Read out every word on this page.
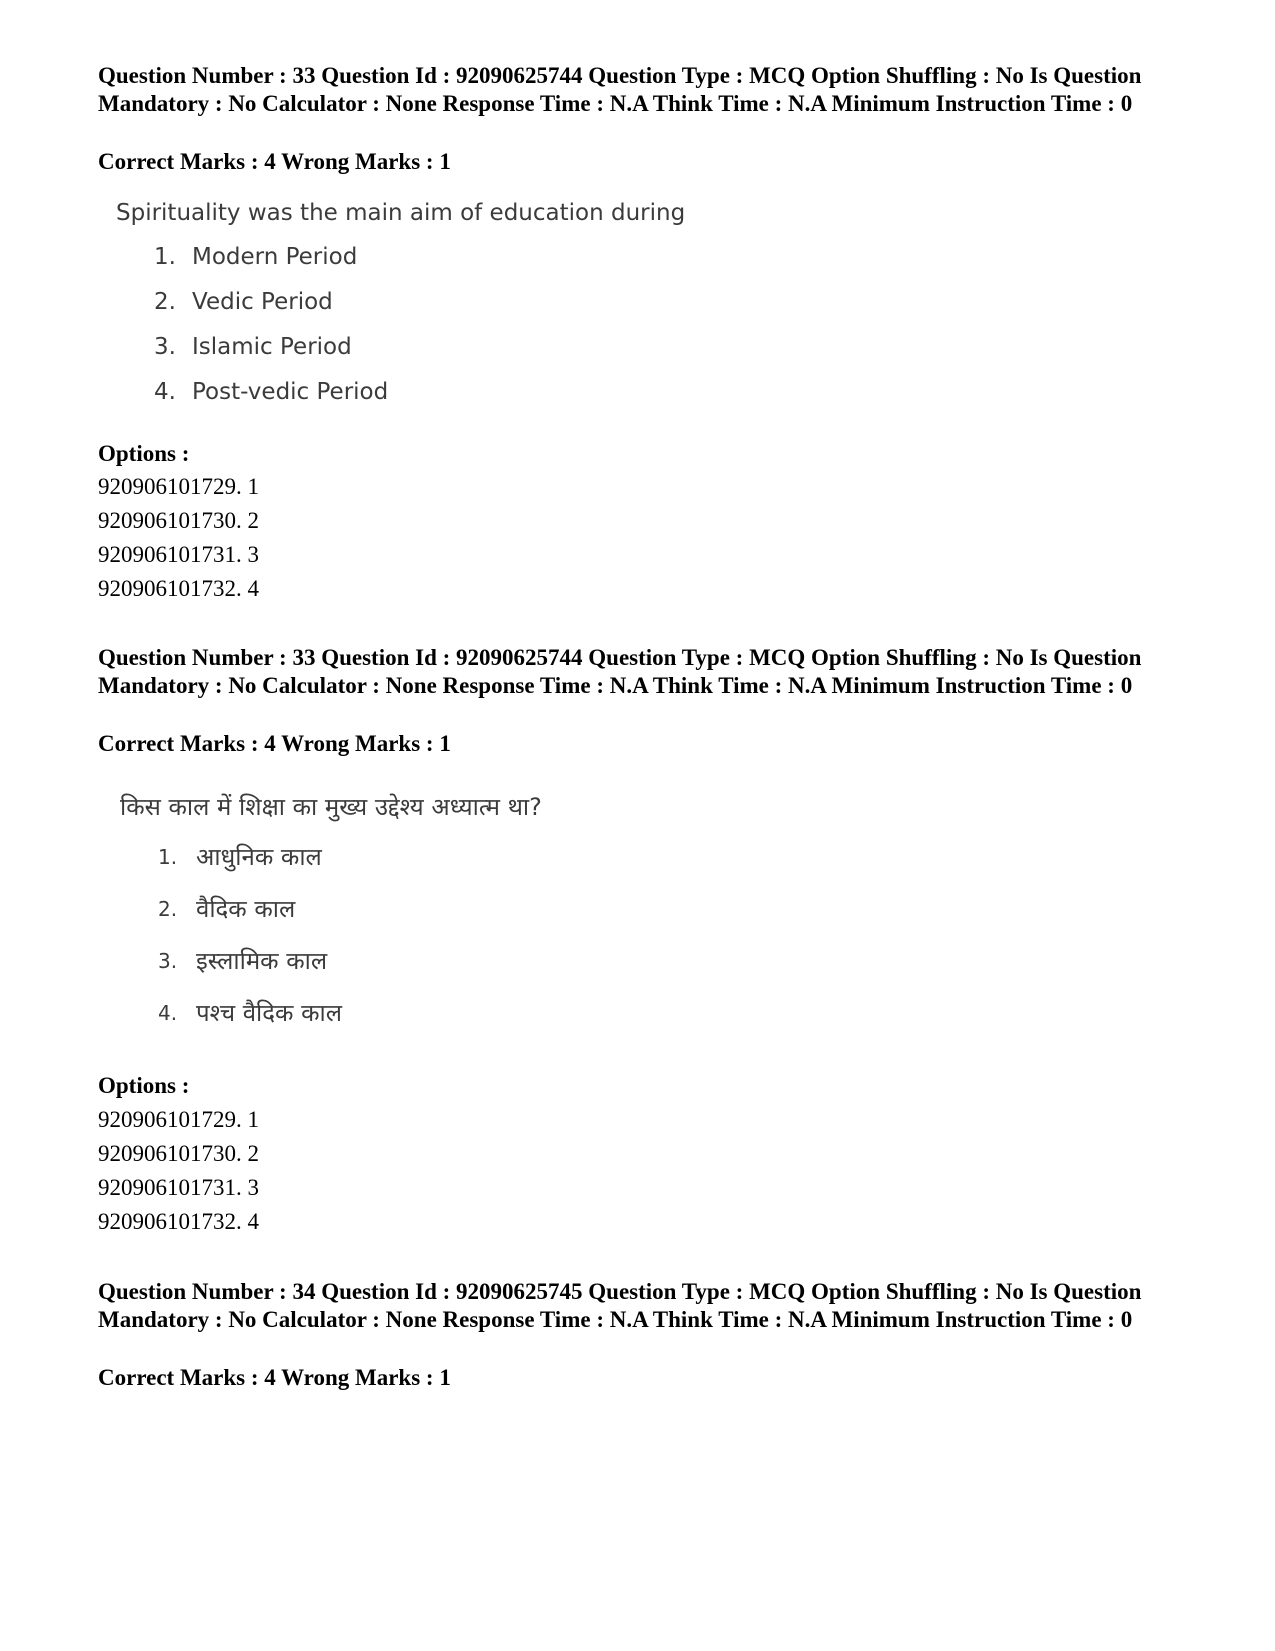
Question Number : 33 Question Id : 92090625744 Question Type : MCQ Option Shuffling : No Is Question Mandatory : No Calculator : None Response Time : N.A Think Time : N.A Minimum Instruction Time : 0
Correct Marks : 4 Wrong Marks : 1
Spirituality was the main aim of education during
1. Modern Period
2. Vedic Period
3. Islamic Period
4. Post-vedic Period
Options :
920906101729. 1
920906101730. 2
920906101731. 3
920906101732. 4
Question Number : 33 Question Id : 92090625744 Question Type : MCQ Option Shuffling : No Is Question Mandatory : No Calculator : None Response Time : N.A Think Time : N.A Minimum Instruction Time : 0
Correct Marks : 4 Wrong Marks : 1
किस काल में शिक्षा का मुख्य उद्देश्य अध्यात्म था?
1. आधुनिक काल
2. वैदिक काल
3. इस्लामिक काल
4. पश्च वैदिक काल
Options :
920906101729. 1
920906101730. 2
920906101731. 3
920906101732. 4
Question Number : 34 Question Id : 92090625745 Question Type : MCQ Option Shuffling : No Is Question Mandatory : No Calculator : None Response Time : N.A Think Time : N.A Minimum Instruction Time : 0
Correct Marks : 4 Wrong Marks : 1
